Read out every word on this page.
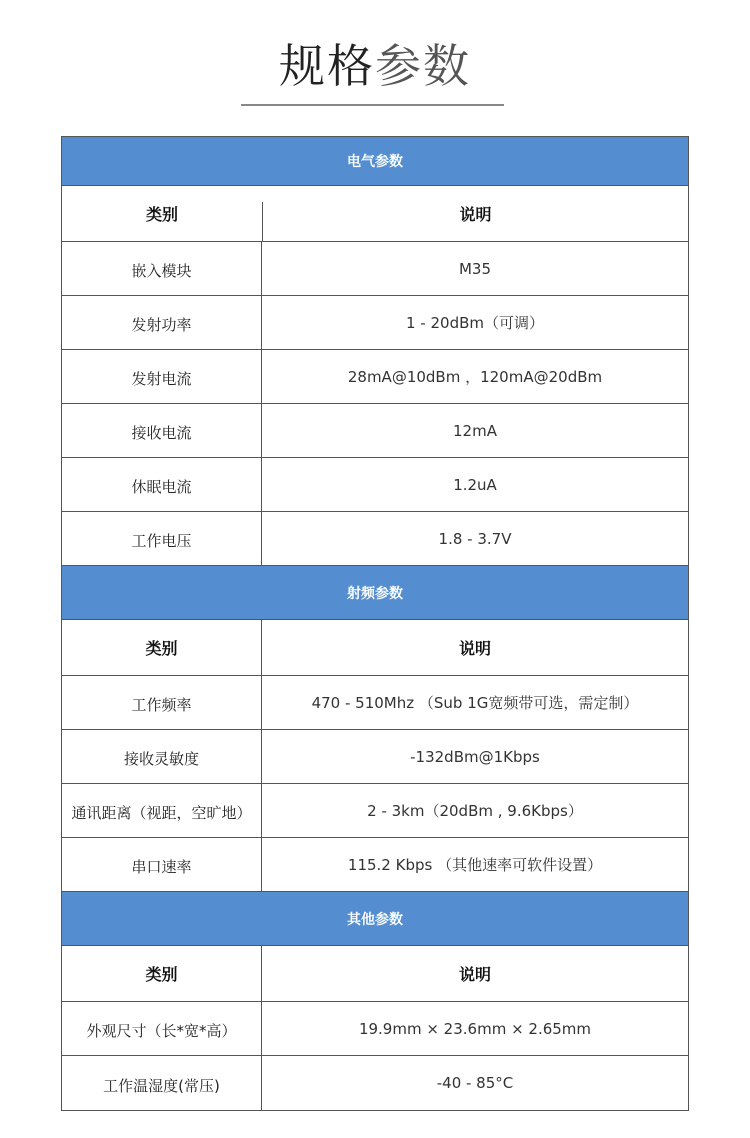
规格参数
电气参数
类别	说明
嵌入模块	M35
发射功率	1 - 20dBm（可调）
发射电流	28mA@10dBm ，120mA@20dBm
接收电流	12mA
休眠电流	1.2uA
工作电压	1.8 - 3.7V
射频参数
类别	说明
工作频率	470 - 510Mhz （Sub 1G宽频带可选，需定制）
接收灵敏度	-132dBm@1Kbps
通讯距离（视距，空旷地）	2 - 3km（20dBm , 9.6Kbps）
串口速率	115.2 Kbps （其他速率可软件设置）
其他参数
类别	说明
外观尺寸（长*宽*高）	19.9mm × 23.6mm × 2.65mm
工作温湿度(常压)	-40 - 85°C
